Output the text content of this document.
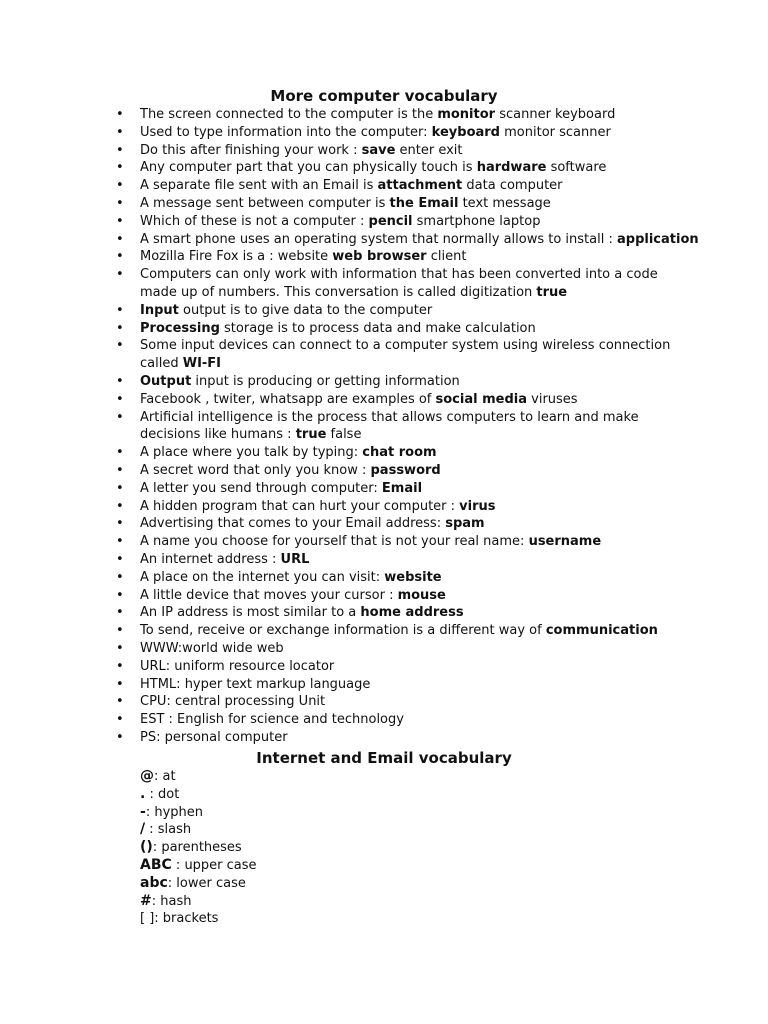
More computer vocabulary
• The screen connected to the computer is the monitor scanner keyboard
• Used to type information into the computer: keyboard monitor scanner
• Do this after finishing your work : save enter exit
• Any computer part that you can physically touch is hardware software
• A separate file sent with an Email is attachment data computer
• A message sent between computer is the Email text message
• Which of these is not a computer : pencil smartphone laptop
• A smart phone uses an operating system that normally allows to install : application
• Mozilla Fire Fox is a : website web browser client
• Computers can only work with information that has been converted into a code
made up of numbers. This conversation is called digitization true
• Input output is to give data to the computer
• Processing storage is to process data and make calculation
• Some input devices can connect to a computer system using wireless connection
called WI-FI
• Output input is producing or getting information
• Facebook , twiter, whatsapp are examples of social media viruses
• Artificial intelligence is the process that allows computers to learn and make
decisions like humans : true false
• A place where you talk by typing: chat room
• A secret word that only you know : password
• A letter you send through computer: Email
• A hidden program that can hurt your computer : virus
• Advertising that comes to your Email address: spam
• A name you choose for yourself that is not your real name: username
• An internet address : URL
• A place on the internet you can visit: website
• A little device that moves your cursor : mouse
• An IP address is most similar to a home address
• To send, receive or exchange information is a different way of communication
• WWW:world wide web
• URL: uniform resource locator
• HTML: hyper text markup language
• CPU: central processing Unit
• EST : English for science and technology
• PS: personal computer
Internet and Email vocabulary
@: at
. : dot
-: hyphen
/ : slash
(): parentheses
ABC : upper case
abc: lower case
#: hash
[ ]: brackets
